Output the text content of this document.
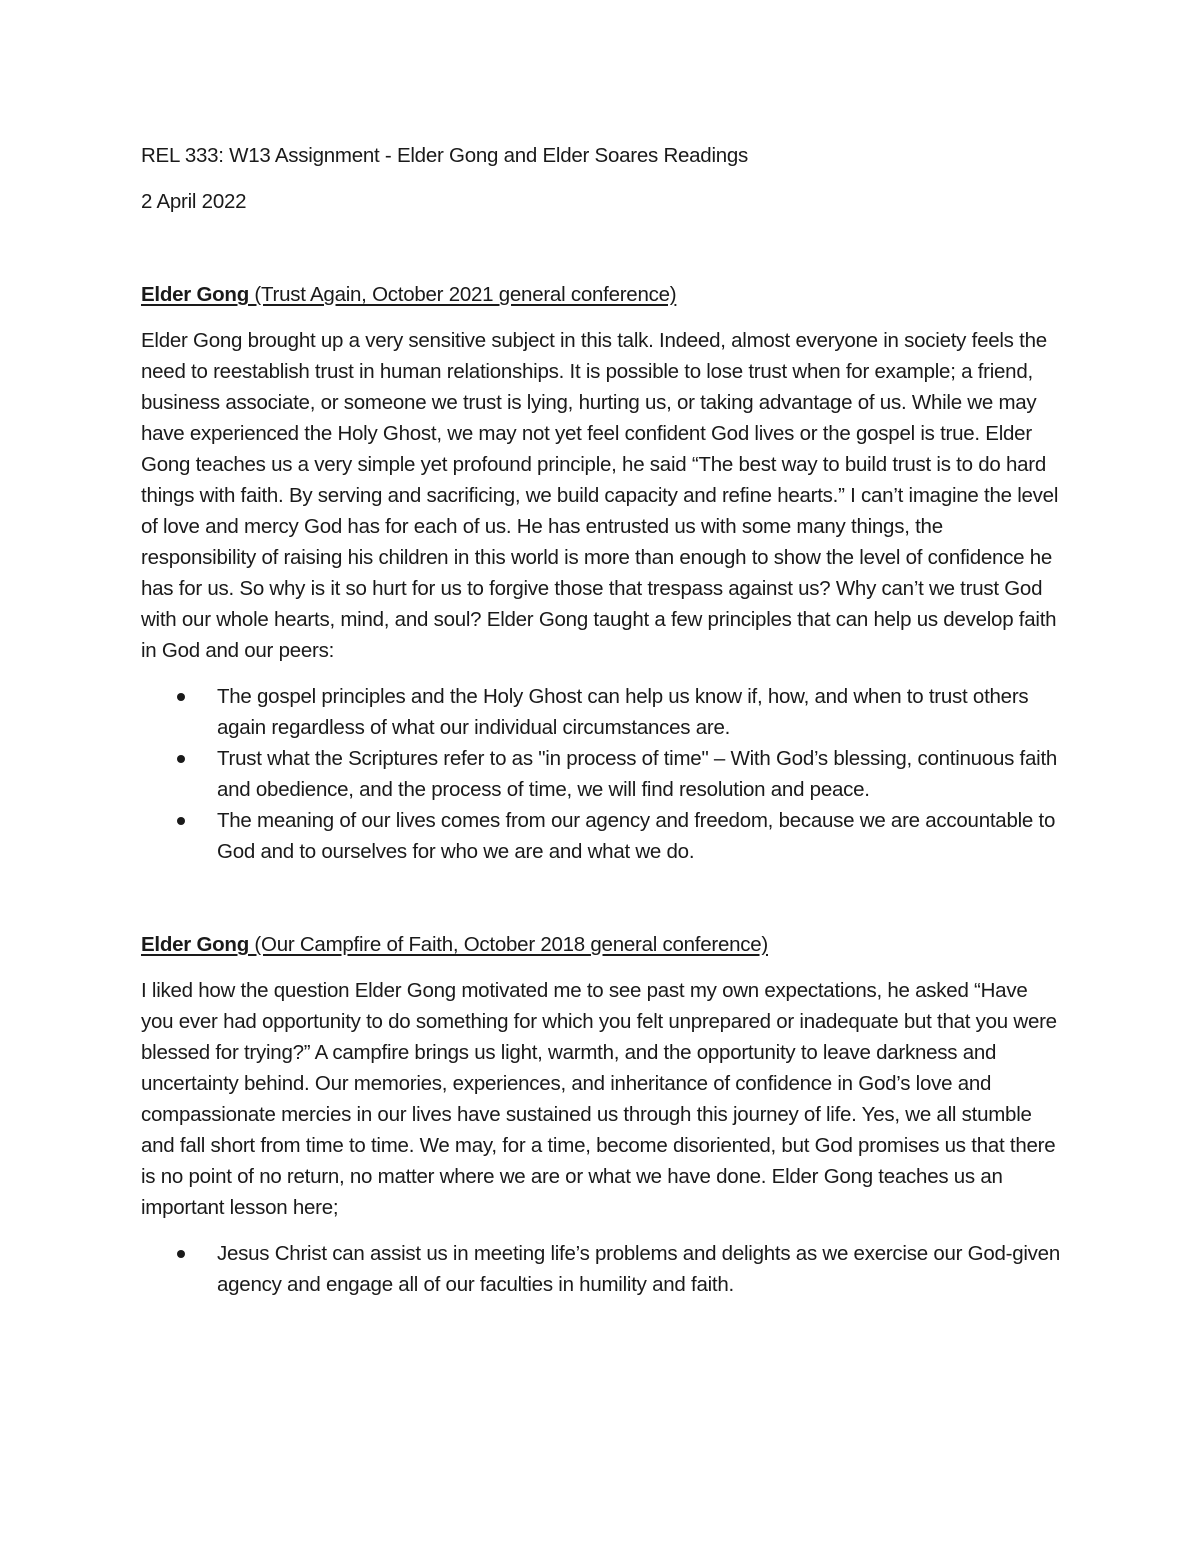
REL 333: W13 Assignment - Elder Gong and Elder Soares Readings

2 April 2022

Elder Gong (Trust Again, October 2021 general conference)

Elder Gong brought up a very sensitive subject in this talk. Indeed, almost everyone in society feels the need to reestablish trust in human relationships. It is possible to lose trust when for example; a friend, business associate, or someone we trust is lying, hurting us, or taking advantage of us. While we may have experienced the Holy Ghost, we may not yet feel confident God lives or the gospel is true. Elder Gong teaches us a very simple yet profound principle, he said “The best way to build trust is to do hard things with faith. By serving and sacrificing, we build capacity and refine hearts.” I can’t imagine the level of love and mercy God has for each of us. He has entrusted us with some many things, the responsibility of raising his children in this world is more than enough to show the level of confidence he has for us. So why is it so hurt for us to forgive those that trespass against us? Why can’t we trust God with our whole hearts, mind, and soul? Elder Gong taught a few principles that can help us develop faith in God and our peers:

The gospel principles and the Holy Ghost can help us know if, how, and when to trust others again regardless of what our individual circumstances are.
Trust what the Scriptures refer to as "in process of time" – With God’s blessing, continuous faith and obedience, and the process of time, we will find resolution and peace.
The meaning of our lives comes from our agency and freedom, because we are accountable to God and to ourselves for who we are and what we do.

Elder Gong (Our Campfire of Faith, October 2018 general conference)

I liked how the question Elder Gong motivated me to see past my own expectations, he asked “Have you ever had opportunity to do something for which you felt unprepared or inadequate but that you were blessed for trying?” A campfire brings us light, warmth, and the opportunity to leave darkness and uncertainty behind. Our memories, experiences, and inheritance of confidence in God’s love and compassionate mercies in our lives have sustained us through this journey of life. Yes, we all stumble and fall short from time to time. We may, for a time, become disoriented, but God promises us that there is no point of no return, no matter where we are or what we have done. Elder Gong teaches us an important lesson here;

Jesus Christ can assist us in meeting life’s problems and delights as we exercise our God-given agency and engage all of our faculties in humility and faith.
